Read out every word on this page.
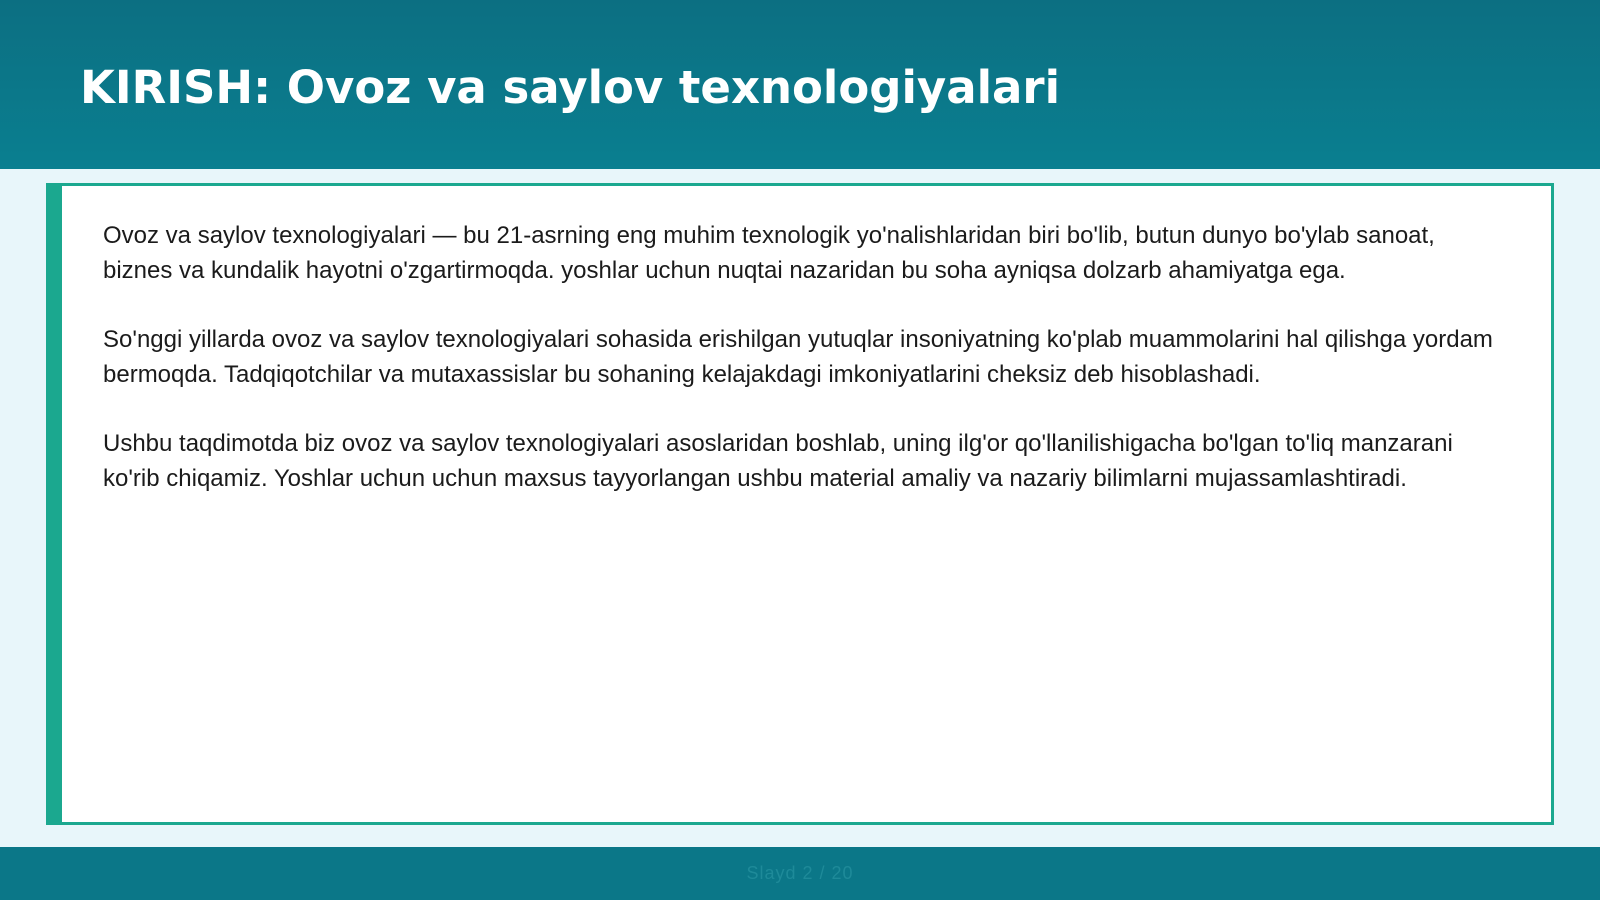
KIRISH: Ovoz va saylov texnologiyalari

Ovoz va saylov texnologiyalari — bu 21-asrning eng muhim texnologik yo'nalishlaridan biri bo'lib, butun dunyo bo'ylab sanoat, biznes va kundalik hayotni o'zgartirmoqda. yoshlar uchun nuqtai nazaridan bu soha ayniqsa dolzarb ahamiyatga ega.

So'nggi yillarda ovoz va saylov texnologiyalari sohasida erishilgan yutuqlar insoniyatning ko'plab muammolarini hal qilishga yordam bermoqda. Tadqiqotchilar va mutaxassislar bu sohaning kelajakdagi imkoniyatlarini cheksiz deb hisoblashadi.

Ushbu taqdimotda biz ovoz va saylov texnologiyalari asoslaridan boshlab, uning ilg'or qo'llanilishigacha bo'lgan to'liq manzarani ko'rib chiqamiz. Yoshlar uchun uchun maxsus tayyorlangan ushbu material amaliy va nazariy bilimlarni mujassamlashtiradi.

Slayd 2 / 20
